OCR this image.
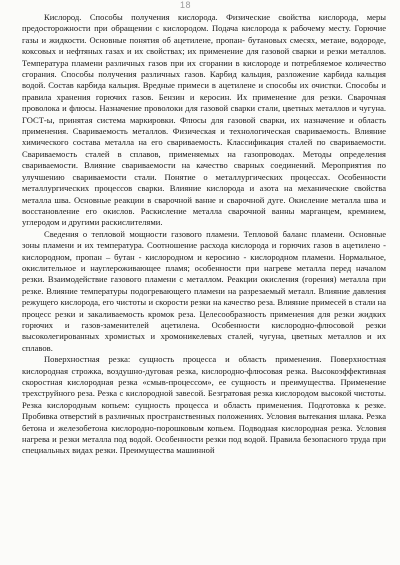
18

Кислород. Способы получения кислорода. Физические свойства кислорода, меры предосторожности при обращении с кислородом. Подача кислорода к рабочему месту. Горючие газы и жидкости. Основные понятия об ацетилене, пропан- бутановых смесях, метане, водороде, коксовых и нефтяных газах и их свойствах; их применение для газовой сварки и резки металлов. Температура пламени различных газов при их сгорании в кислороде и потребляемое количество сгорания. Способы получения различных газов. Карбид кальция, разложение карбида кальция водой. Состав карбида кальция. Вредные примеси в ацетилене и способы их очистки. Способы и правила хранения горючих газов. Бензин и керосин. Их применение для резки. Сварочная проволока и флюсы. Назначение проволоки для газовой сварки стали, цветных металлов и чугуна. ГОСТ-ы, принятая система маркировки. Флюсы для газовой сварки, их назначение и область применения. Свариваемость металлов. Физическая и технологическая свариваемость. Влияние химического состава металла на его свариваемость. Классификация сталей по свариваемости. Свариваемость сталей в сплавов, применяемых на газопроводах. Методы определения свариваемости. Влияние свариваемости на качество сварных соединений. Мероприятия по улучшению свариваемости стали. Понятие о металлургических процессах. Особенности металлургических процессов сварки. Влияние кислорода и азота на механические свойства металла шва. Основные реакции в сварочной ванне и сварочной дуге. Окисление металла шва и восстановление его окислов. Раскисление металла сварочной ванны марганцем, кремнием, углеродом и другими раскислителями.

Сведения о тепловой мощности газового пламени. Тепловой баланс пламени. Основные зоны пламени и их температура. Соотношение расхода кислорода и горючих газов в ацетилено - кислородном, пропан – бутан - кислородном и керосино - кислородном пламени. Нормальное, окислительное и науглероживающее пламя; особенности при нагреве металла перед началом резки. Взаимодействие газового пламени с металлом. Реакции окисления (горения) металла при резке. Влияние температуры подогревающего пламени на разрезаемый металл. Влияние давления режущего кислорода, его чистоты и скорости резки на качество реза. Влияние примесей в стали на процесс резки и закаливаемость кромок реза. Целесообразность применения для резки жидких горючих и газов-заменителей ацетилена. Особенности кислородно-флюсовой резки высоколегированных хромистых и хромоникелевых сталей, чугуна, цветных металлов и их сплавов.

Поверхностная резка: сущность процесса и область применения. Поверхностная кислородная строжка, воздушно-дуговая резка, кислородно-флюсовая резка. Высокоэффективная скоростная кислородная резка «смыв-процессом», ее сущность и преимущества. Применение трехструйного реза. Резка с кислородной завесой. Безгратовая резка кислородом высокой чистоты. Резка кислородным копьем: сущность процесса и область применения. Подготовка к резке. Пробивка отверстий в различных пространственных положениях. Условия вытекания шлака. Резка бетона и железобетона кислородно-порошковым копьем. Подводная кислородная резка. Условия нагрева и резки металла под водой. Особенности резки под водой. Правила безопасного труда при специальных видах резки. Преимущества машинной
